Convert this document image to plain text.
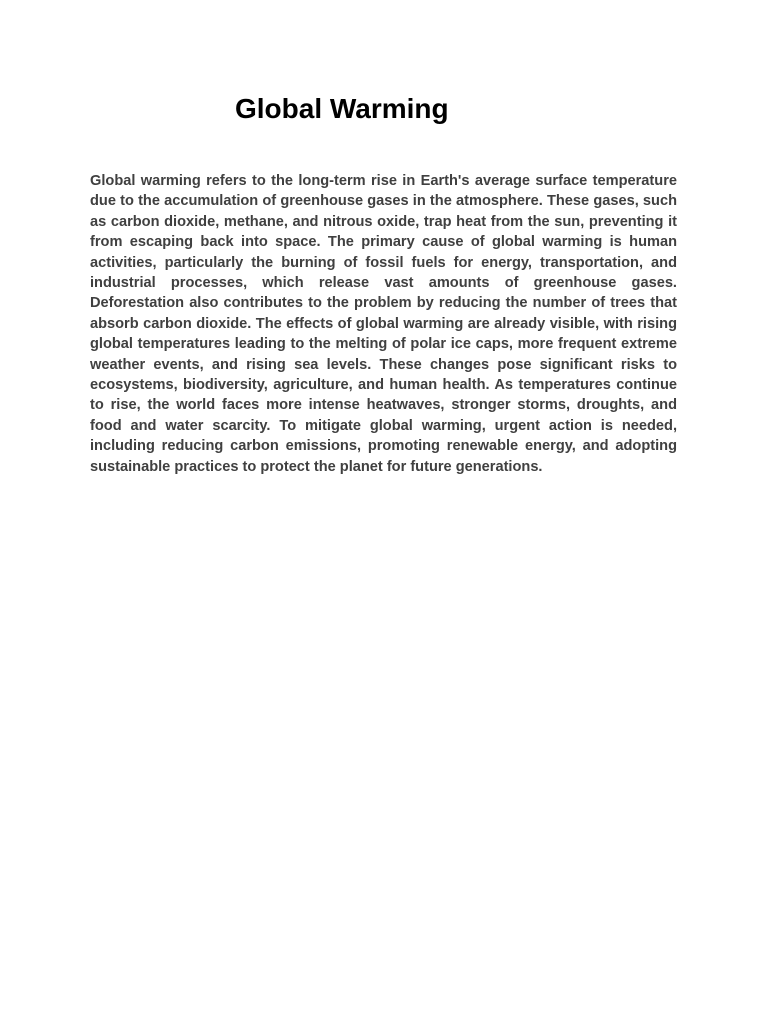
Global Warming

Global warming refers to the long-term rise in Earth's average surface temperature due to the accumulation of greenhouse gases in the atmosphere. These gases, such as carbon dioxide, methane, and nitrous oxide, trap heat from the sun, preventing it from escaping back into space. The primary cause of global warming is human activities, particularly the burning of fossil fuels for energy, transportation, and industrial processes, which release vast amounts of greenhouse gases. Deforestation also contributes to the problem by reducing the number of trees that absorb carbon dioxide. The effects of global warming are already visible, with rising global temperatures leading to the melting of polar ice caps, more frequent extreme weather events, and rising sea levels. These changes pose significant risks to ecosystems, biodiversity, agriculture, and human health. As temperatures continue to rise, the world faces more intense heatwaves, stronger storms, droughts, and food and water scarcity. To mitigate global warming, urgent action is needed, including reducing carbon emissions, promoting renewable energy, and adopting sustainable practices to protect the planet for future generations.
